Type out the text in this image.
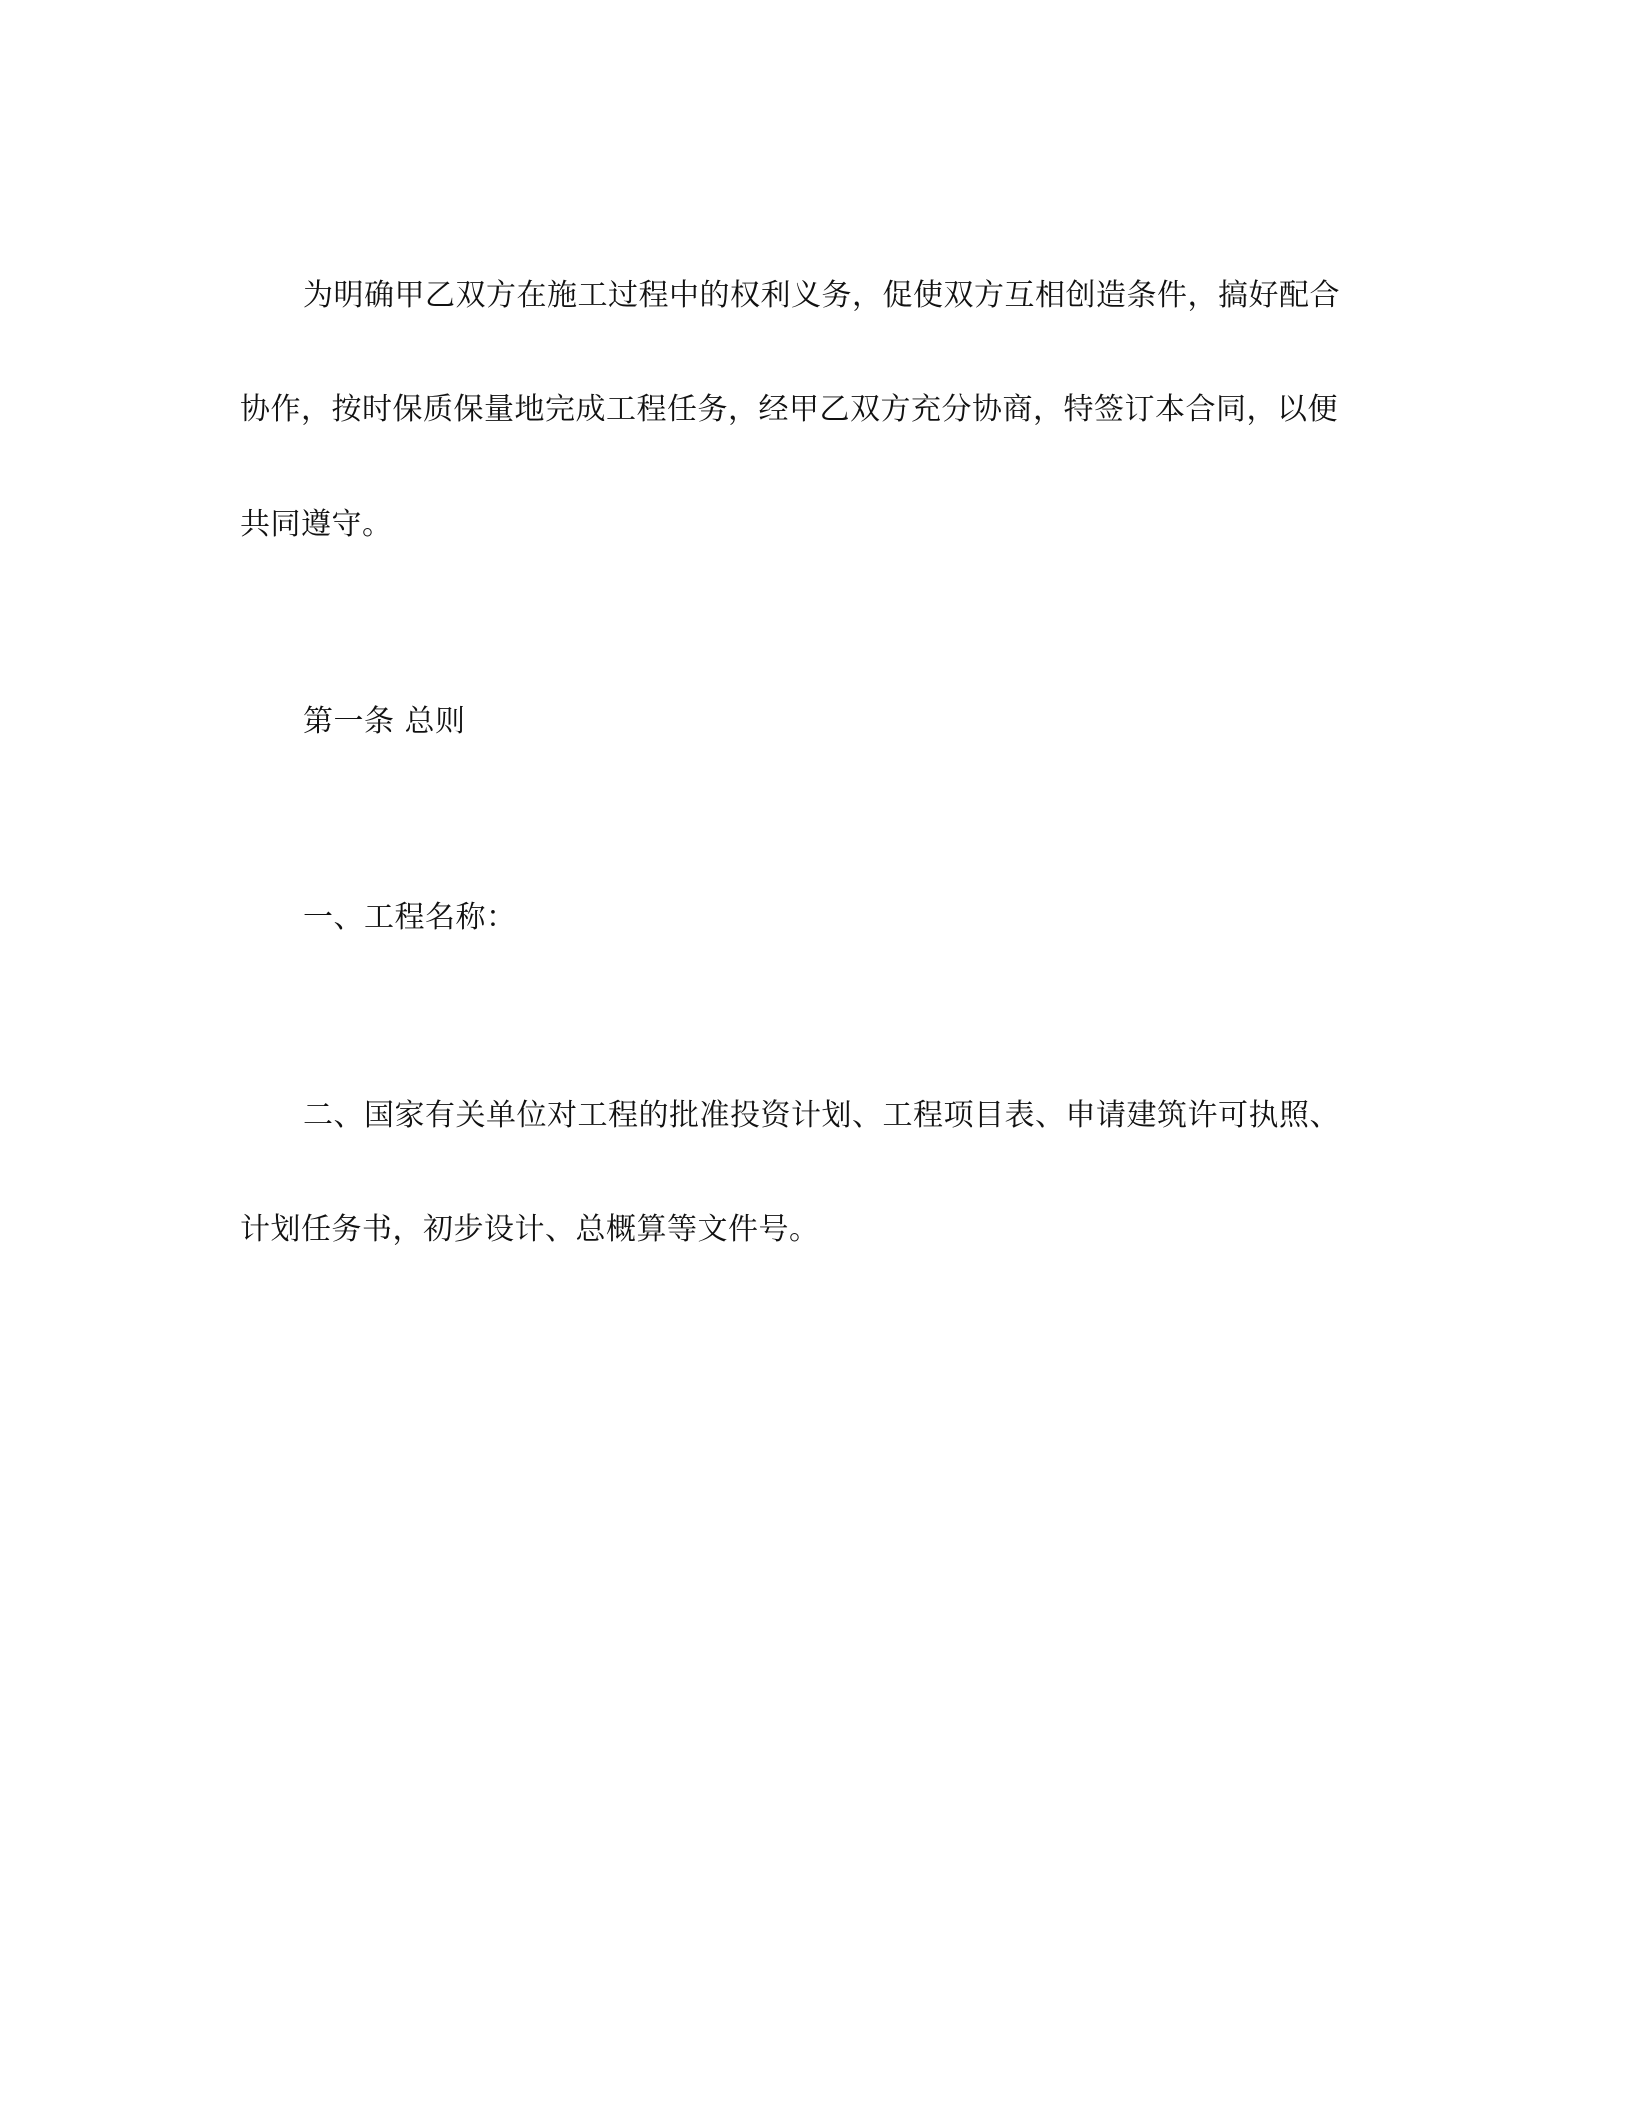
为明确甲乙双方在施工过程中的权利义务，促使双方互相创造条件，搞好配合
协作，按时保质保量地完成工程任务，经甲乙双方充分协商，特签订本合同，以便
共同遵守。
第一条 总则
一、工程名称：
二、国家有关单位对工程的批准投资计划、工程项目表、申请建筑许可执照、
计划任务书，初步设计、总概算等文件号。
